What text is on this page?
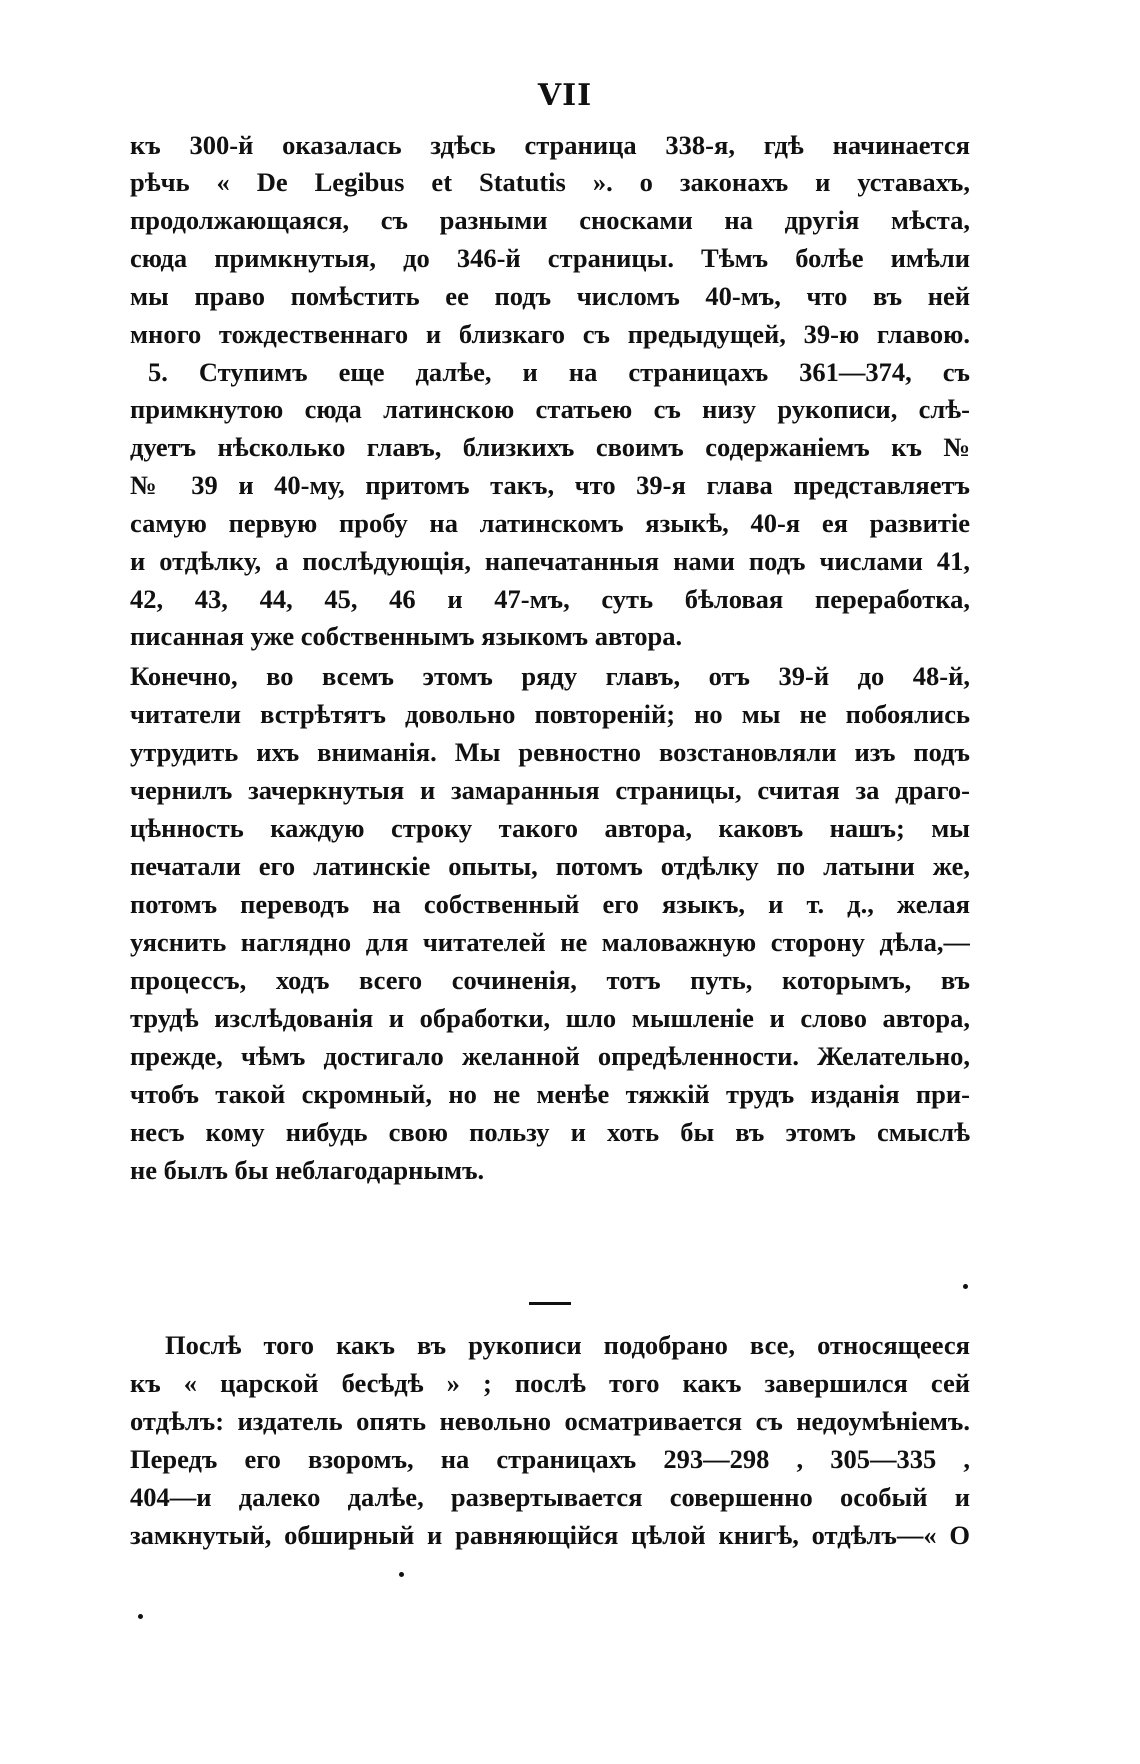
VII
къ 300-й оказалась здѣсь страница 338-я, гдѣ начинается
рѣчь « De Legibus et Statutis ». о законахъ и уставахъ,
продолжающаяся, съ разными сносками на другія мѣста,
сюда примкнутыя, до 346-й страницы. Тѣмъ болѣе имѣли
мы право помѣстить ее подъ числомъ 40-мъ, что въ ней
много тождественнаго и близкаго съ предыдущей, 39-ю главою.
5. Ступимъ еще далѣе, и на страницахъ 361—374, съ
примкнутою сюда латинскою статьею съ низу рукописи, слѣ-
дуетъ нѣсколько главъ, близкихъ своимъ содержаніемъ къ №
№ 39 и 40-му, притомъ такъ, что 39-я глава представляетъ
самую первую пробу на латинскомъ языкѣ, 40-я ея развитіе
и отдѣлку, а послѣдующія, напечатанныя нами подъ числами 41,
42, 43, 44, 45, 46 и 47-мъ, суть бѣловая переработка,
писанная уже собственнымъ языкомъ автора.
Конечно, во всемъ этомъ ряду главъ, отъ 39-й до 48-й,
читатели встрѣтятъ довольно повтореній; но мы не побоялись
утрудить ихъ вниманія. Мы ревностно возстановляли изъ подъ
чернилъ зачеркнутыя и замаранныя страницы, считая за драго-
цѣнность каждую строку такого автора, каковъ нашъ; мы
печатали его латинскіе опыты, потомъ отдѣлку по латыни же,
потомъ переводъ на собственный его языкъ, и т. д., желая
уяснить наглядно для читателей не маловажную сторону дѣла,—
процессъ, ходъ всего сочиненія, тотъ путь, которымъ, въ
трудѣ изслѣдованія и обработки, шло мышленіе и слово автора,
прежде, чѣмъ достигало желанной опредѣленности. Желательно,
чтобъ такой скромный, но не менѣе тяжкій трудъ изданія при-
несъ кому нибудь свою пользу и хоть бы въ этомъ смыслѣ
не былъ бы неблагодарнымъ.
Послѣ того какъ въ рукописи подобрано все, относящееся
къ « царской бесѣдѣ » ; послѣ того какъ завершился сей
отдѣлъ: издатель опять невольно осматривается съ недоумѣніемъ.
Передъ его взоромъ, на страницахъ 293—298 , 305—335 ,
404—и далеко далѣе, развертывается совершенно особый и
замкнутый, обширный и равняющійся цѣлой книгѣ, отдѣлъ—« О
